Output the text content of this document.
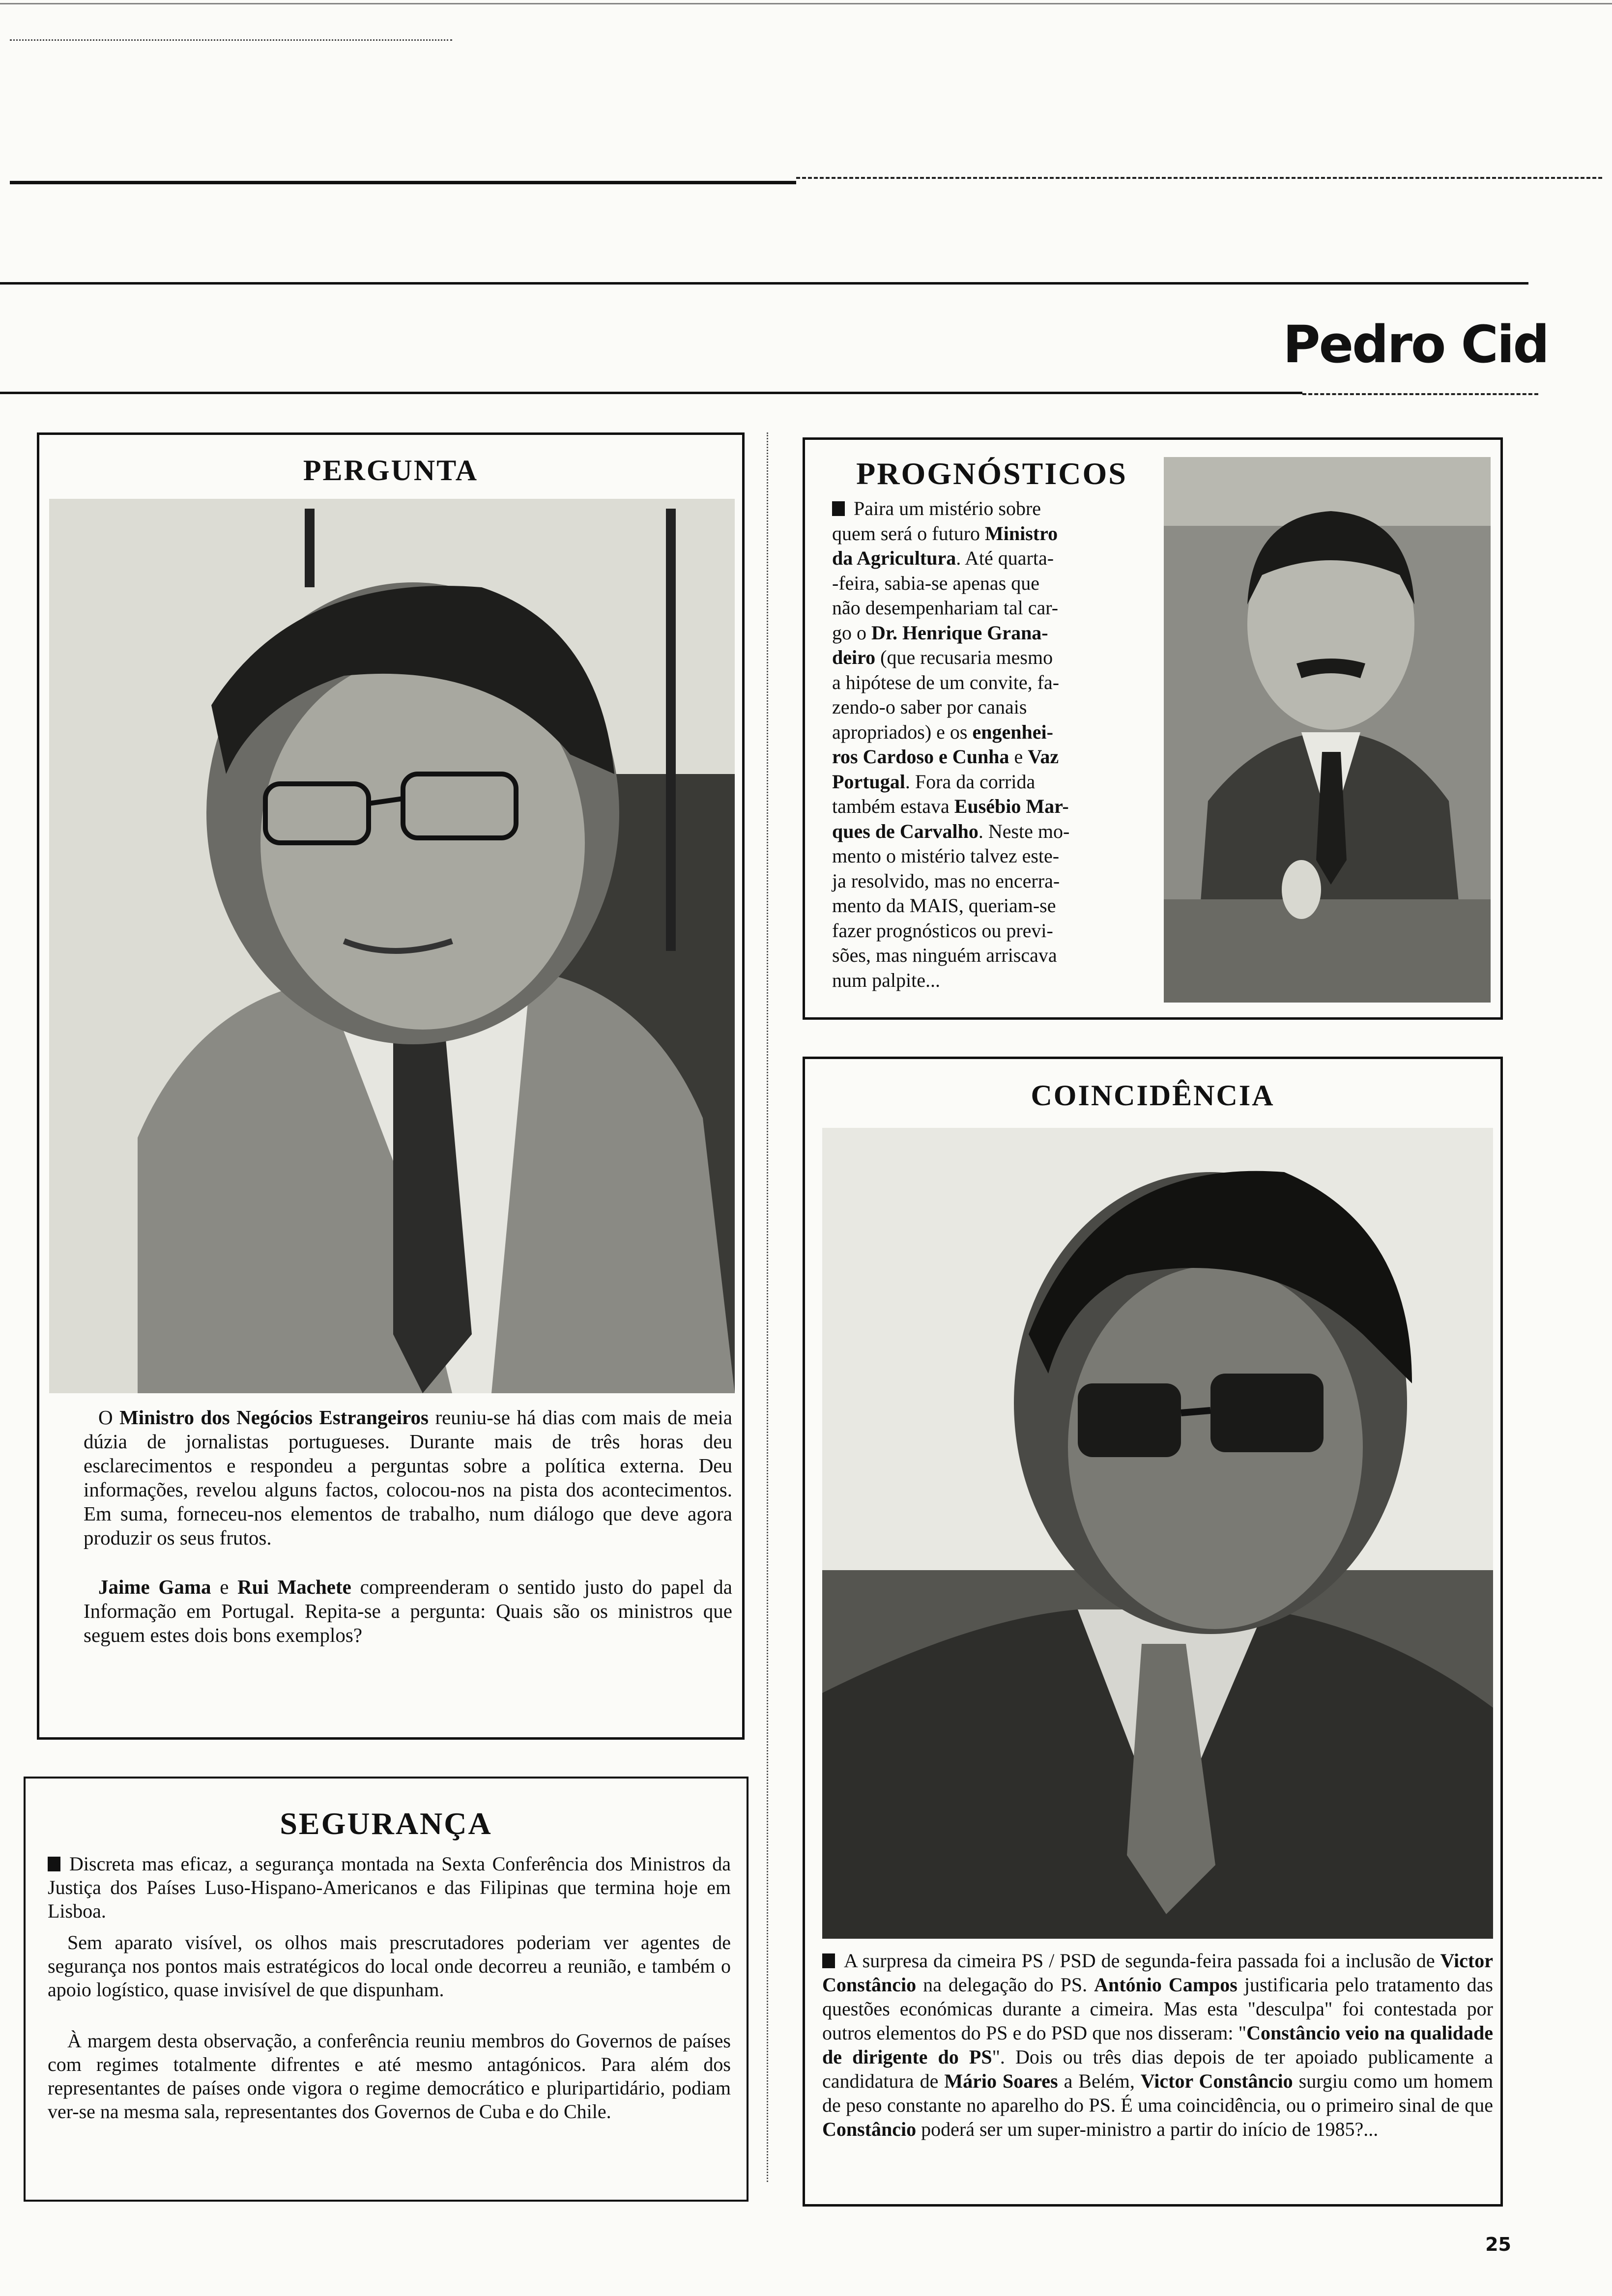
Pedro Cid
PERGUNTA
O Ministro dos Negócios Estrangeiros reuniu-se há dias com mais de meia dúzia de jornalistas portugueses. Durante mais de três horas deu esclarecimentos e respondeu a perguntas sobre a política externa. Deu informações, revelou alguns factos, colocou-nos na pista dos acontecimentos. Em suma, forneceu-nos elementos de trabalho, num diálogo que deve agora produzir os seus frutos.
Jaime Gama e Rui Machete compreenderam o sentido justo do papel da Informação em Portugal. Repita-se a pergunta: Quais são os ministros que seguem estes dois bons exemplos?
PROGNÓSTICOS
Paira um mistério sobre
quem será o futuro Ministro
da Agricultura. Até quarta-
-feira, sabia-se apenas que
não desempenhariam tal car-
go o Dr. Henrique Grana-
deiro (que recusaria mesmo
a hipótese de um convite, fa-
zendo-o saber por canais
apropriados) e os engenhei-
ros Cardoso e Cunha e Vaz
Portugal. Fora da corrida
também estava Eusébio Mar-
ques de Carvalho. Neste mo-
mento o mistério talvez este-
ja resolvido, mas no encerra-
mento da MAIS, queriam-se
fazer prognósticos ou previ-
sões, mas ninguém arriscava
num palpite...
COINCIDÊNCIA
A surpresa da cimeira PS / PSD de segunda-feira passada foi a inclusão de Victor Constâncio na delegação do PS. António Campos justificaria pelo tratamento das questões económicas durante a cimeira. Mas esta "desculpa" foi contestada por outros elementos do PS e do PSD que nos disseram: "Constâncio veio na qualidade de dirigente do PS". Dois ou três dias depois de ter apoiado publicamente a candidatura de Mário Soares a Belém, Victor Constâncio surgiu como um homem de peso constante no aparelho do PS. É uma coincidência, ou o primeiro sinal de que Constâncio poderá ser um super-ministro a partir do início de 1985?...
SEGURANÇA
Discreta mas eficaz, a segurança montada na Sexta Conferência dos Ministros da Justiça dos Países Luso-Hispano-Americanos e das Filipinas que termina hoje em Lisboa.
Sem aparato visível, os olhos mais prescrutadores poderiam ver agentes de segurança nos pontos mais estratégicos do local onde decorreu a reunião, e também o apoio logístico, quase invisível de que dispunham.
À margem desta observação, a conferência reuniu membros do Governos de países com regimes totalmente difrentes e até mesmo antagónicos. Para além dos representantes de países onde vigora o regime democrático e pluripartidário, podiam ver-se na mesma sala, representantes dos Governos de Cuba e do Chile.
25
